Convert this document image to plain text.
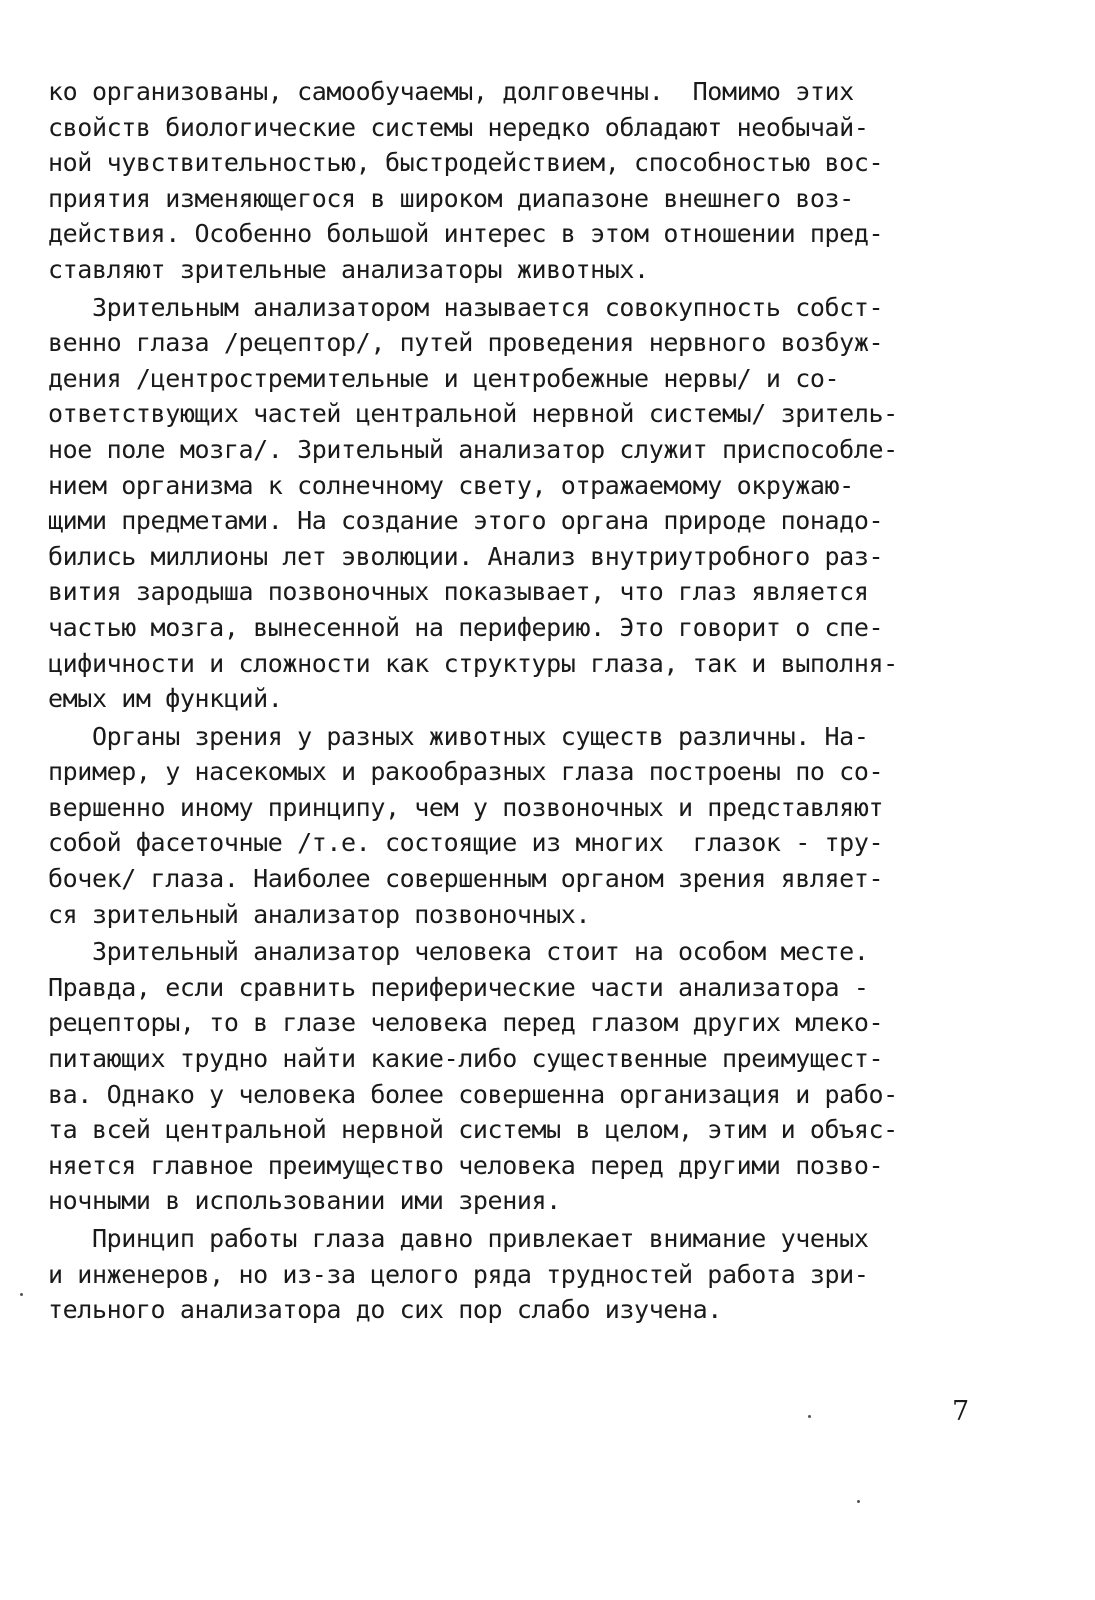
ко организованы, самообучаемы, долговечны.  Помимо этих
свойств биологические системы нередко обладают необычай-
ной чувствительностью, быстродействием, способностью вос-
приятия изменяющегося в широком диапазоне внешнего воз-
действия. Особенно большой интерес в этом отношении пред-
ставляют зрительные анализаторы животных.
Зрительным анализатором называется совокупность собст-
венно глаза /рецептор/, путей проведения нервного возбуж-
дения /центростремительные и центробежные нервы/ и со-
ответствующих частей центральной нервной системы/ зритель-
ное поле мозга/. Зрительный анализатор служит приспособле-
нием организма к солнечному свету, отражаемому окружаю-
щими предметами. На создание этого органа природе понадо-
бились миллионы лет эволюции. Анализ внутриутробного раз-
вития зародыша позвоночных показывает, что глаз является
частью мозга, вынесенной на периферию. Это говорит о спе-
цифичности и сложности как структуры глаза, так и выполня-
емых им функций.
Органы зрения у разных животных существ различны. На-
пример, у насекомых и ракообразных глаза построены по со-
вершенно иному принципу, чем у позвоночных и представляют
собой фасеточные /т.е. состоящие из многих  глазок - тру-
бочек/ глаза. Наиболее совершенным органом зрения являет-
ся зрительный анализатор позвоночных.
Зрительный анализатор человека стоит на особом месте.
Правда, если сравнить периферические части анализатора -
рецепторы, то в глазе человека перед глазом других млеко-
питающих трудно найти какие-либо существенные преимущест-
ва. Однако у человека более совершенна организация и рабо-
та всей центральной нервной системы в целом, этим и объяс-
няется главное преимущество человека перед другими позво-
ночными в использовании ими зрения.
Принцип работы глаза давно привлекает внимание ученых
и инженеров, но из-за целого ряда трудностей работа зри-
тельного анализатора до сих пор слабо изучена.
7
